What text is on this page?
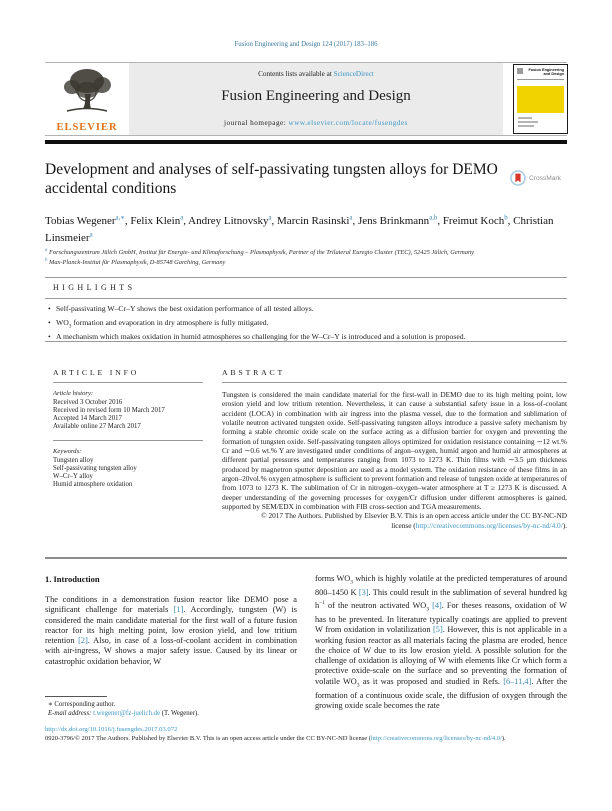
Fusion Engineering and Design 124 (2017) 183–186
ELSEVIER
Contents lists available at ScienceDirect
Fusion Engineering and Design
journal homepage: www.elsevier.com/locate/fusengdes
Fusion Engineering and Design
Development and analyses of self-passivating tungsten alloys for DEMO accidental conditions
CrossMark
Tobias Wegener$^{a,∗}$, Felix Klein$^a$, Andrey Litnovsky$^a$, Marcin Rasinski$^a$, Jens Brinkmann$^{a,b}$, Freimut Koch$^b$, Christian Linsmeier$^a$
$^a$ Forschungszentrum Jülich GmbH, Institut für Energie- und Klimaforschung – Plasmaphysik, Partner of the Trilateral Euregio Cluster (TEC), 52425 Jülich, Germany
$^b$ Max-Planck-Institut für Plasmaphysik, D-85748 Garching, Germany
HIGHLIGHTS
• Self-passivating W–Cr–Y shows the best oxidation performance of all tested alloys.
• $WO_3$ formation and evaporation in dry atmosphere is fully mitigated.
• A mechanism which makes oxidation in humid atmospheres so challenging for the W–Cr–Y is introduced and a solution is proposed.
ARTICLE INFO
Article history:
Received 3 October 2016
Received in revised form 10 March 2017
Accepted 14 March 2017
Available online 27 March 2017
Keywords:
Tungsten alloy
Self-passivating tungsten alloy
W–Cr–Y alloy
Humid atmosphere oxidation
ABSTRACT

Tungsten is considered the main candidate material for the first-wall in DEMO due to its high melting point, low erosion yield and low tritium retention. Nevertheless, it can cause a substantial safety issue in a loss-of-coolant accident (LOCA) in combination with air ingress into the plasma vessel, due to the formation and sublimation of volatile neutron activated tungsten oxide. Self-passivating tungsten alloys introduce a passive safety mechanism by forming a stable chromic oxide scale on the surface acting as a diffusion barrier for oxygen and preventing the formation of tungsten oxide. Self-passivating tungsten alloys optimized for oxidation resistance containing ∼12 wt.% Cr and ∼0.6 wt.% Y are investigated under conditions of argon–oxygen, humid argon and humid air atmospheres at different partial pressures and temperatures ranging from 1073 to 1273 K. Thin films with ∼3.5 μm thickness produced by magnetron sputter deposition are used as a model system. The oxidation resistance of these films in an argon–20vol.% oxygen atmosphere is sufficient to prevent formation and release of tungsten oxide at temperatures of from 1073 to 1273 K. The sublimation of Cr in nitrogen–oxygen–water atmosphere at T ≥ 1273 K is discussed. A deeper understanding of the governing processes for oxygen/Cr diffusion under different atmospheres is gained, supported by SEM/EDX in combination with FIB cross-section and TGA measurements.

© 2017 The Authors. Published by Elsevier B.V. This is an open access article under the CC BY-NC-ND
license (http://creativecommons.org/licenses/by-nc-nd/4.0/).
1. Introduction

The conditions in a demonstration fusion reactor like DEMO pose a significant challenge for materials [1]. Accordingly, tungsten (W) is considered the main candidate material for the first wall of a future fusion reactor for its high melting point, low erosion yield, and low tritium retention [2]. Also, in case of a loss-of-coolant accident in combination with air-ingress, W shows a major safety issue. Caused by its linear or catastrophic oxidation behavior, W

forms $WO_3$ which is highly volatile at the predicted temperatures of around 800–1450 K [3]. This could result in the sublimation of several hundred kg $h^{-1}$ of the neutron activated $WO_3$ [4]. For theses reasons, oxidation of W has to be prevented. In literature typically coatings are applied to prevent W from oxidation in volatilization [5]. However, this is not applicable in a working fusion reactor as all materials facing the plasma are eroded, hence the choice of W due to its low erosion yield. A possible solution for the challenge of oxidation is alloying of W with elements like Cr which form a protective oxide-scale on the surface and so preventing the formation of volatile $WO_3$ as it was proposed and studied in Refs. [6–11,4]. After the formation of a continuous oxide scale, the diffusion of oxygen through the growing oxide scale becomes the rate

∗ Corresponding author.
E-mail address: t.wegener@fz-juelich.de (T. Wegener).
http://dx.doi.org/10.1016/j.fusengdes.2017.03.072
0920-3796/© 2017 The Authors. Published by Elsevier B.V. This is an open access article under the CC BY-NC-ND license (http://creativecommons.org/licenses/by-nc-nd/4.0/).
